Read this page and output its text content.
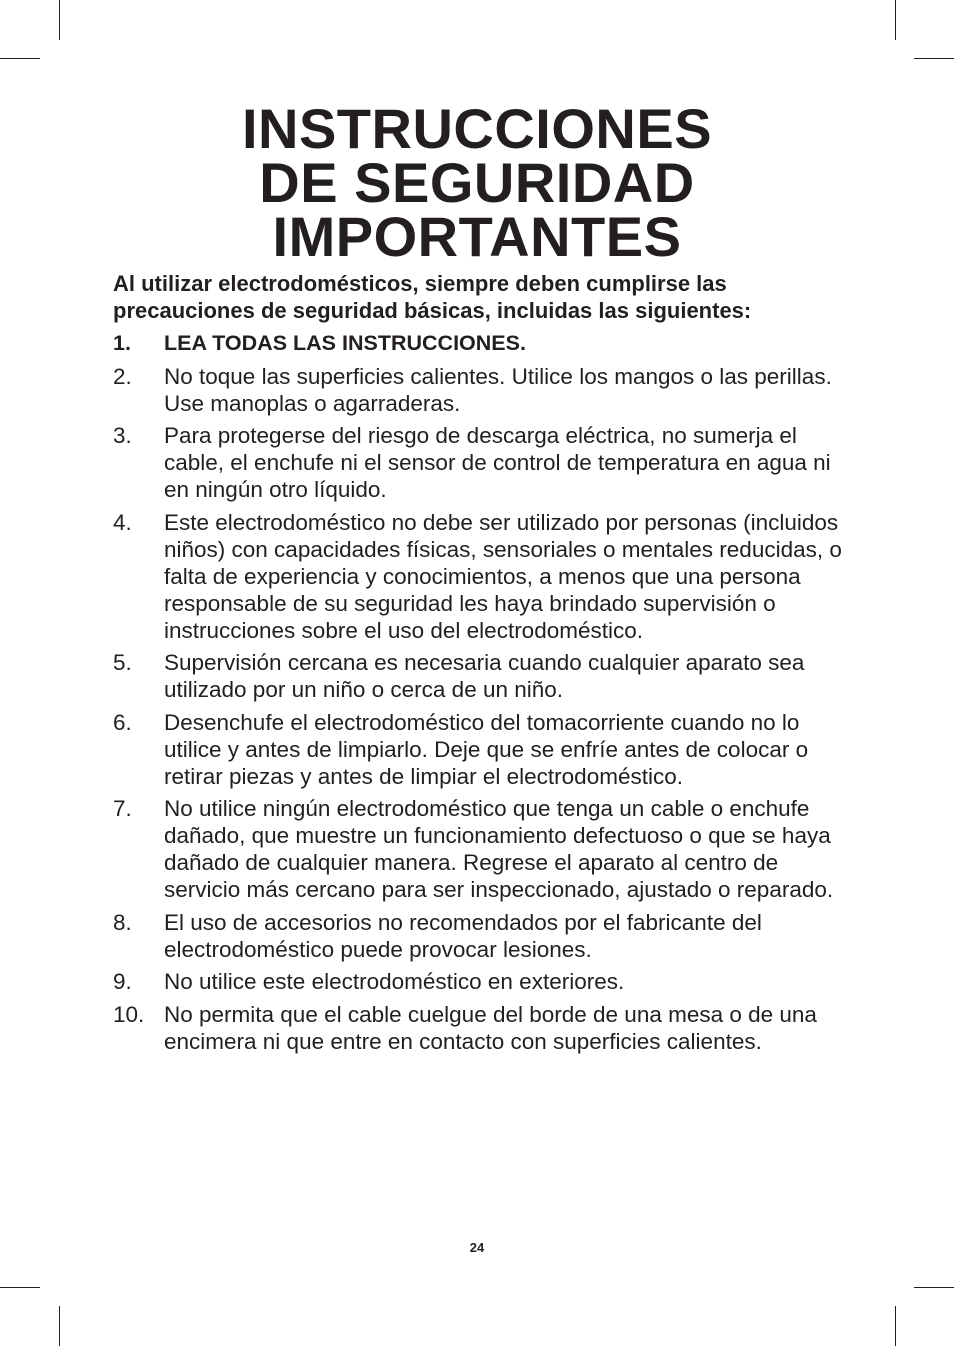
INSTRUCCIONES
DE SEGURIDAD
IMPORTANTES

Al utilizar electrodomésticos, siempre deben cumplirse las precauciones de seguridad básicas, incluidas las siguientes:

1.	LEA TODAS LAS INSTRUCCIONES.
2.	No toque las superficies calientes. Utilice los mangos o las perillas. Use manoplas o agarraderas.
3.	Para protegerse del riesgo de descarga eléctrica, no sumerja el cable, el enchufe ni el sensor de control de temperatura en agua ni en ningún otro líquido.
4.	Este electrodoméstico no debe ser utilizado por personas (incluidos niños) con capacidades físicas, sensoriales o mentales reducidas, o falta de experiencia y conocimientos, a menos que una persona responsable de su seguridad les haya brindado supervisión o instrucciones sobre el uso del electrodoméstico.
5.	Supervisión cercana es necesaria cuando cualquier aparato sea utilizado por un niño o cerca de un niño.
6.	Desenchufe el electrodoméstico del tomacorriente cuando no lo utilice y antes de limpiarlo. Deje que se enfríe antes de colocar o retirar piezas y antes de limpiar el electrodoméstico.
7.	No utilice ningún electrodoméstico que tenga un cable o enchufe dañado, que muestre un funcionamiento defectuoso o que se haya dañado de cualquier manera. Regrese el aparato al centro de servicio más cercano para ser inspeccionado, ajustado o reparado.
8.	El uso de accesorios no recomendados por el fabricante del electrodoméstico puede provocar lesiones.
9.	No utilice este electrodoméstico en exteriores.
10. No permita que el cable cuelgue del borde de una mesa o de una encimera ni que entre en contacto con superficies calientes.
24
